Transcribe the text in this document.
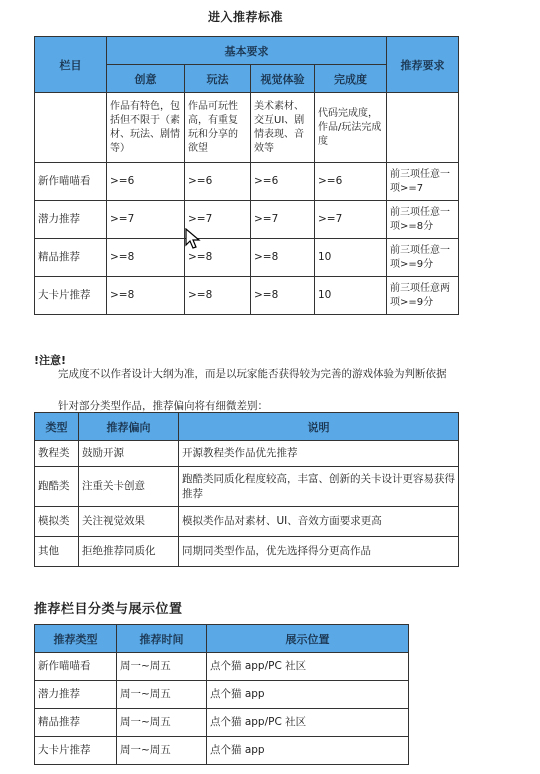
进入推荐标准
栏目	基本要求				推荐要求
	创意	玩法	视觉体验	完成度	
	作品有特色，包括但不限于（素材、玩法、剧情等）	作品可玩性高，有重复玩和分享的欲望	美术素材、交互UI、剧情表现、音效等	代码完成度，作品/玩法完成度	
新作喵喵看	>=6	>=6	>=6	>=6	前三项任意一项>=7
潜力推荐	>=7	>=7	>=7	>=7	前三项任意一项>=8分
精品推荐	>=8	>=8	>=8	10	前三项任意一项>=9分
大卡片推荐	>=8	>=8	>=8	10	前三项任意两项>=9分
!注意!
完成度不以作者设计大纲为准，而是以玩家能否获得较为完善的游戏体验为判断依据
针对部分类型作品，推荐偏向将有细微差别：
类型	推荐偏向	说明
教程类	鼓励开源	开源教程类作品优先推荐
跑酷类	注重关卡创意	跑酷类同质化程度较高，丰富、创新的关卡设计更容易获得推荐
模拟类	关注视觉效果	模拟类作品对素材、UI、音效方面要求更高
其他	拒绝推荐同质化	同期同类型作品，优先选择得分更高作品
推荐栏目分类与展示位置
推荐类型	推荐时间	展示位置
新作喵喵看	周一~周五	点个猫 app/PC 社区
潜力推荐	周一~周五	点个猫 app
精品推荐	周一~周五	点个猫 app/PC 社区
大卡片推荐	周一~周五	点个猫 app
